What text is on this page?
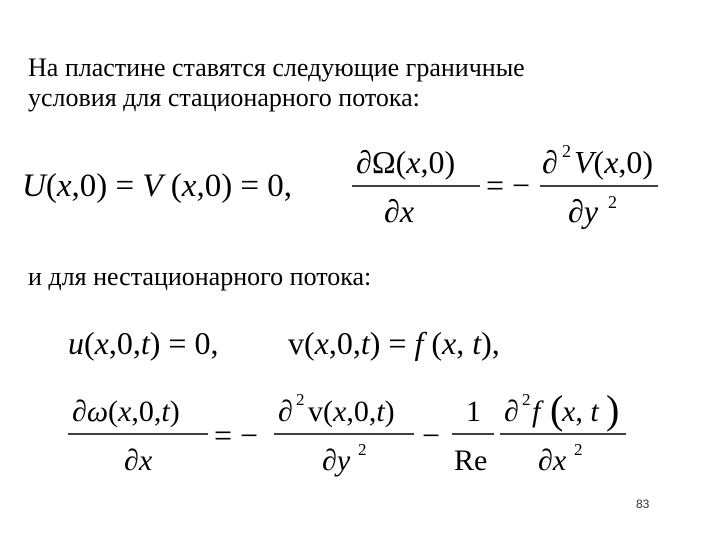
На пластине ставятся следующие граничные
условия для стационарного потока:
U(x,0) = V (x,0) = 0,
∂Ω(x,0)
∂x
= −
∂ 2 V(x,0)
∂y 2
и для нестационарного потока:
u(x,0,t) = 0, v(x,0,t) = f (x, t),
∂ω(x,0,t)
∂x
= −
∂ 2 v(x,0,t)
∂y 2 −
1
Re
∂ 2 f (
x, t )
∂x 2
83
